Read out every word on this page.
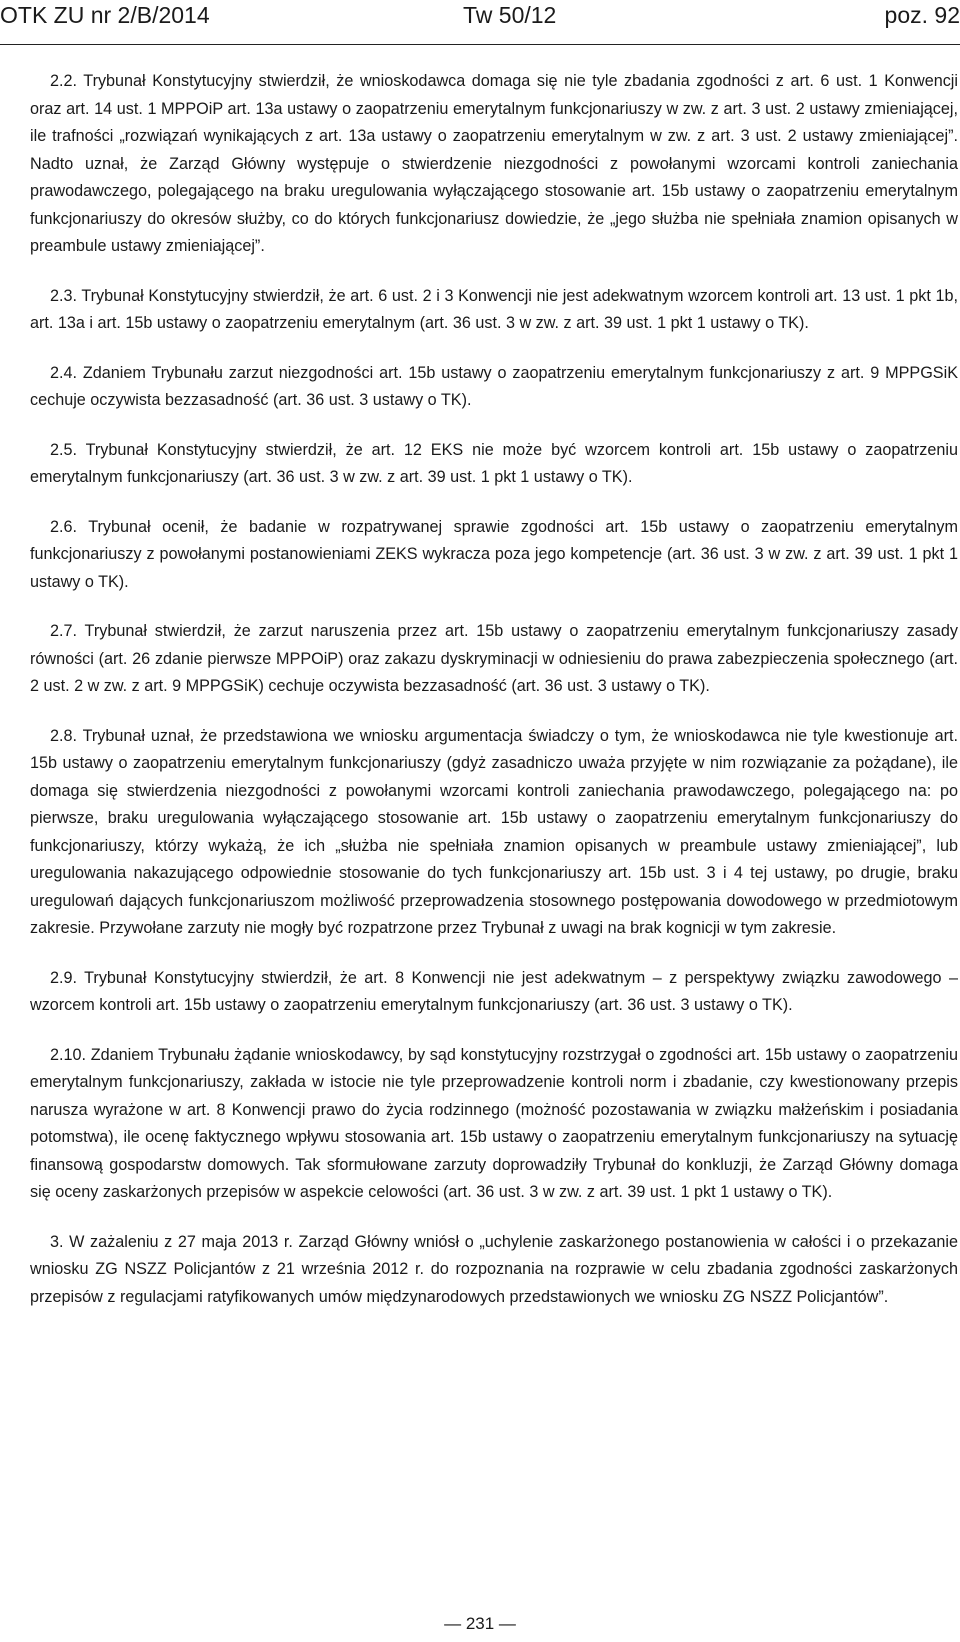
OTK ZU nr 2/B/2014	Tw 50/12	poz. 92

2.2. Trybunał Konstytucyjny stwierdził, że wnioskodawca domaga się nie tyle zbadania zgodności z art. 6 ust. 1 Konwencji oraz art. 14 ust. 1 MPPOiP art. 13a ustawy o zaopatrzeniu emerytalnym funkcjonariuszy w zw. z art. 3 ust. 2 ustawy zmieniającej, ile trafności „rozwiązań wynikających z art. 13a ustawy o zaopatrzeniu emerytalnym w zw. z art. 3 ust. 2 ustawy zmieniającej”. Nadto uznał, że Zarząd Główny występuje o stwierdzenie niezgodności z powołanymi wzorcami kontroli zaniechania prawodawczego, polegającego na braku uregulowania wyłączającego stosowanie art. 15b ustawy o zaopatrzeniu emerytalnym funkcjonariuszy do okresów służby, co do których funkcjonariusz dowiedzie, że „jego służba nie spełniała znamion opisanych w preambule ustawy zmieniającej”.

2.3. Trybunał Konstytucyjny stwierdził, że art. 6 ust. 2 i 3 Konwencji nie jest adekwatnym wzorcem kontroli art. 13 ust. 1 pkt 1b, art. 13a i art. 15b ustawy o zaopatrzeniu emerytalnym (art. 36 ust. 3 w zw. z art. 39 ust. 1 pkt 1 ustawy o TK).

2.4. Zdaniem Trybunału zarzut niezgodności art. 15b ustawy o zaopatrzeniu emerytalnym funkcjonariuszy z art. 9 MPPGSiK cechuje oczywista bezzasadność (art. 36 ust. 3 ustawy o TK).

2.5. Trybunał Konstytucyjny stwierdził, że art. 12 EKS nie może być wzorcem kontroli art. 15b ustawy o zaopatrzeniu emerytalnym funkcjonariuszy (art. 36 ust. 3 w zw. z art. 39 ust. 1 pkt 1 ustawy o TK).

2.6. Trybunał ocenił, że badanie w rozpatrywanej sprawie zgodności art. 15b ustawy o zaopatrzeniu emerytalnym funkcjonariuszy z powołanymi postanowieniami ZEKS wykracza poza jego kompetencje (art. 36 ust. 3 w zw. z art. 39 ust. 1 pkt 1 ustawy o TK).

2.7. Trybunał stwierdził, że zarzut naruszenia przez art. 15b ustawy o zaopatrzeniu emerytalnym funkcjonariuszy zasady równości (art. 26 zdanie pierwsze MPPOiP) oraz zakazu dyskryminacji w odniesieniu do prawa zabezpieczenia społecznego (art. 2 ust. 2 w zw. z art. 9 MPPGSiK) cechuje oczywista bezzasadność (art. 36 ust. 3 ustawy o TK).

2.8. Trybunał uznał, że przedstawiona we wniosku argumentacja świadczy o tym, że wnioskodawca nie tyle kwestionuje art. 15b ustawy o zaopatrzeniu emerytalnym funkcjonariuszy (gdyż zasadniczo uważa przyjęte w nim rozwiązanie za pożądane), ile domaga się stwierdzenia niezgodności z powołanymi wzorcami kontroli zaniechania prawodawczego, polegającego na: po pierwsze, braku uregulowania wyłączającego stosowanie art. 15b ustawy o zaopatrzeniu emerytalnym funkcjonariuszy do funkcjonariuszy, którzy wykażą, że ich „służba nie spełniała znamion opisanych w preambule ustawy zmieniającej”, lub uregulowania nakazującego odpowiednie stosowanie do tych funkcjonariuszy art. 15b ust. 3 i 4 tej ustawy, po drugie, braku uregulowań dających funkcjonariuszom możliwość przeprowadzenia stosownego postępowania dowodowego w przedmiotowym zakresie. Przywołane zarzuty nie mogły być rozpatrzone przez Trybunał z uwagi na brak kognicji w tym zakresie.

2.9. Trybunał Konstytucyjny stwierdził, że art. 8 Konwencji nie jest adekwatnym – z perspektywy związku zawodowego – wzorcem kontroli art. 15b ustawy o zaopatrzeniu emerytalnym funkcjonariuszy (art. 36 ust. 3 ustawy o TK).

2.10. Zdaniem Trybunału żądanie wnioskodawcy, by sąd konstytucyjny rozstrzygał o zgodności art. 15b ustawy o zaopatrzeniu emerytalnym funkcjonariuszy, zakłada w istocie nie tyle przeprowadzenie kontroli norm i zbadanie, czy kwestionowany przepis narusza wyrażone w art. 8 Konwencji prawo do życia rodzinnego (możność pozostawania w związku małżeńskim i posiadania potomstwa), ile ocenę faktycznego wpływu stosowania art. 15b ustawy o zaopatrzeniu emerytalnym funkcjonariuszy na sytuację finansową gospodarstw domowych. Tak sformułowane zarzuty doprowadziły Trybunał do konkluzji, że Zarząd Główny domaga się oceny zaskarżonych przepisów w aspekcie celowości (art. 36 ust. 3 w zw. z art. 39 ust. 1 pkt 1 ustawy o TK).

3. W zażaleniu z 27 maja 2013 r. Zarząd Główny wniósł o „uchylenie zaskarżonego postanowienia w całości i o przekazanie wniosku ZG NSZZ Policjantów z 21 września 2012 r. do rozpoznania na rozprawie w celu zbadania zgodności zaskarżonych przepisów z regulacjami ratyfikowanych umów międzynarodowych przedstawionych we wniosku ZG NSZZ Policjantów”.

— 231 —
